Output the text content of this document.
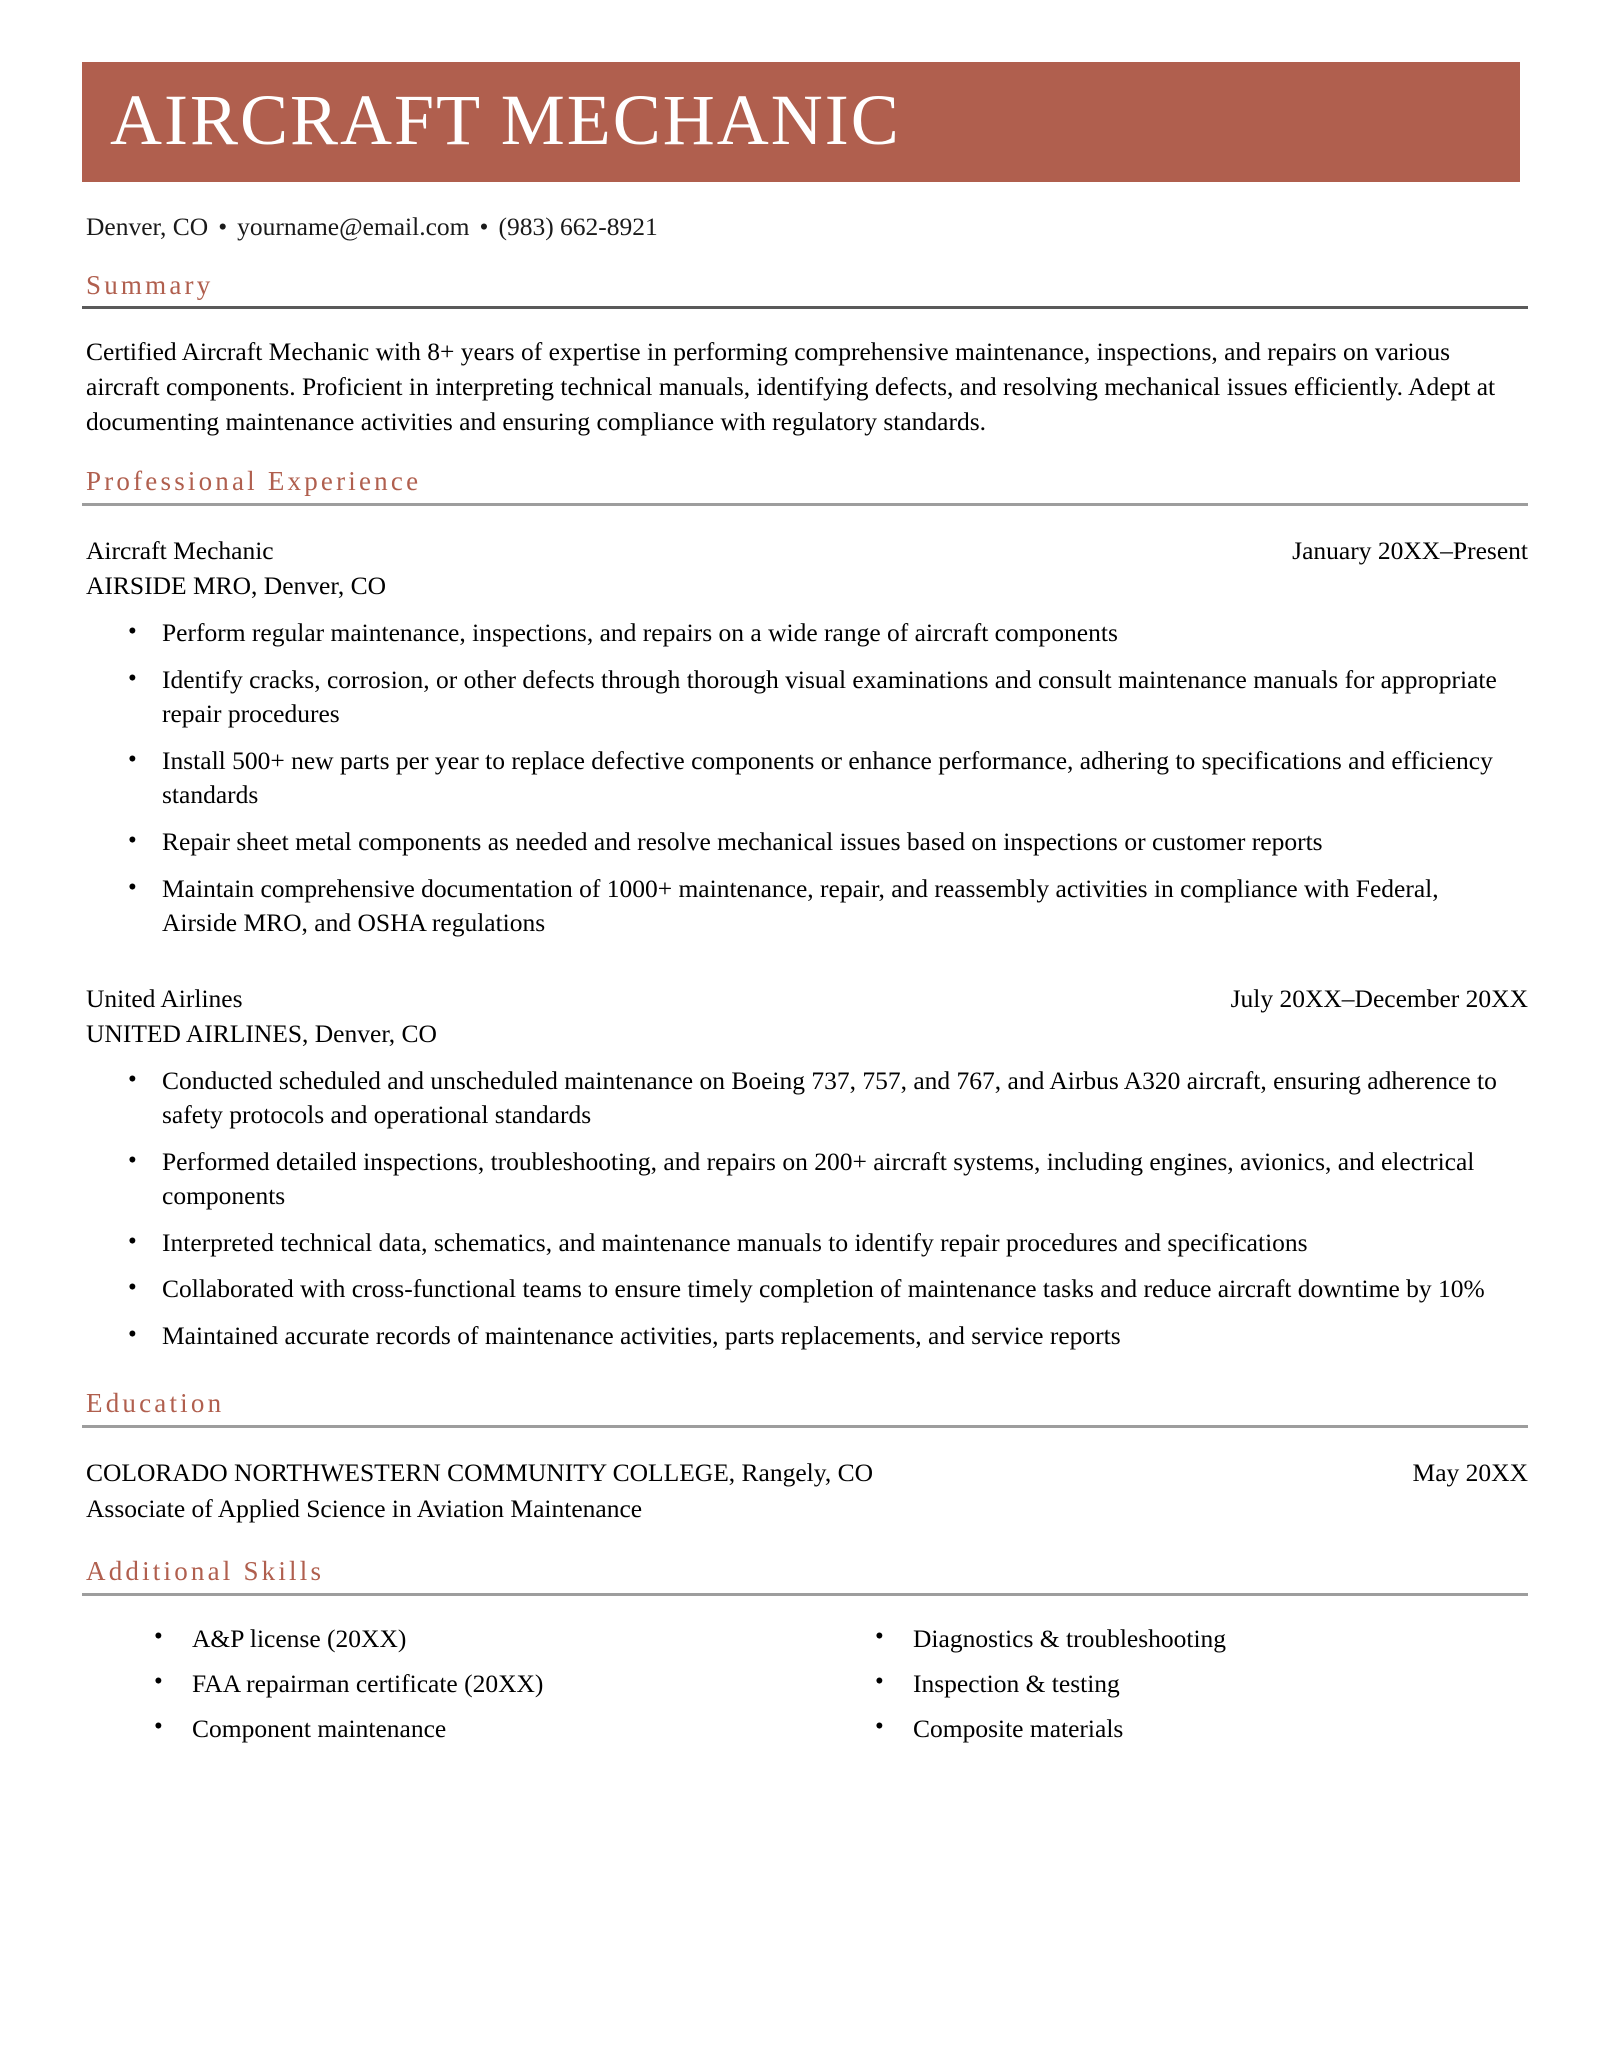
AIRCRAFT MECHANIC
Denver, CO • yourname@email.com • (983) 662-8921
Summary
Certified Aircraft Mechanic with 8+ years of expertise in performing comprehensive maintenance, inspections, and repairs on various aircraft components. Proficient in interpreting technical manuals, identifying defects, and resolving mechanical issues efficiently. Adept at documenting maintenance activities and ensuring compliance with regulatory standards.
Professional Experience
Aircraft Mechanic	January 20XX–Present
AIRSIDE MRO, Denver, CO
• Perform regular maintenance, inspections, and repairs on a wide range of aircraft components
• Identify cracks, corrosion, or other defects through thorough visual examinations and consult maintenance manuals for appropriate repair procedures
• Install 500+ new parts per year to replace defective components or enhance performance, adhering to specifications and efficiency standards
• Repair sheet metal components as needed and resolve mechanical issues based on inspections or customer reports
• Maintain comprehensive documentation of 1000+ maintenance, repair, and reassembly activities in compliance with Federal, Airside MRO, and OSHA regulations
United Airlines	July 20XX–December 20XX
UNITED AIRLINES, Denver, CO
• Conducted scheduled and unscheduled maintenance on Boeing 737, 757, and 767, and Airbus A320 aircraft, ensuring adherence to safety protocols and operational standards
• Performed detailed inspections, troubleshooting, and repairs on 200+ aircraft systems, including engines, avionics, and electrical components
• Interpreted technical data, schematics, and maintenance manuals to identify repair procedures and specifications
• Collaborated with cross-functional teams to ensure timely completion of maintenance tasks and reduce aircraft downtime by 10%
• Maintained accurate records of maintenance activities, parts replacements, and service reports
Education
COLORADO NORTHWESTERN COMMUNITY COLLEGE, Rangely, CO	May 20XX
Associate of Applied Science in Aviation Maintenance
Additional Skills
• A&P license (20XX)
• FAA repairman certificate (20XX)
• Component maintenance
• Diagnostics & troubleshooting
• Inspection & testing
• Composite materials
